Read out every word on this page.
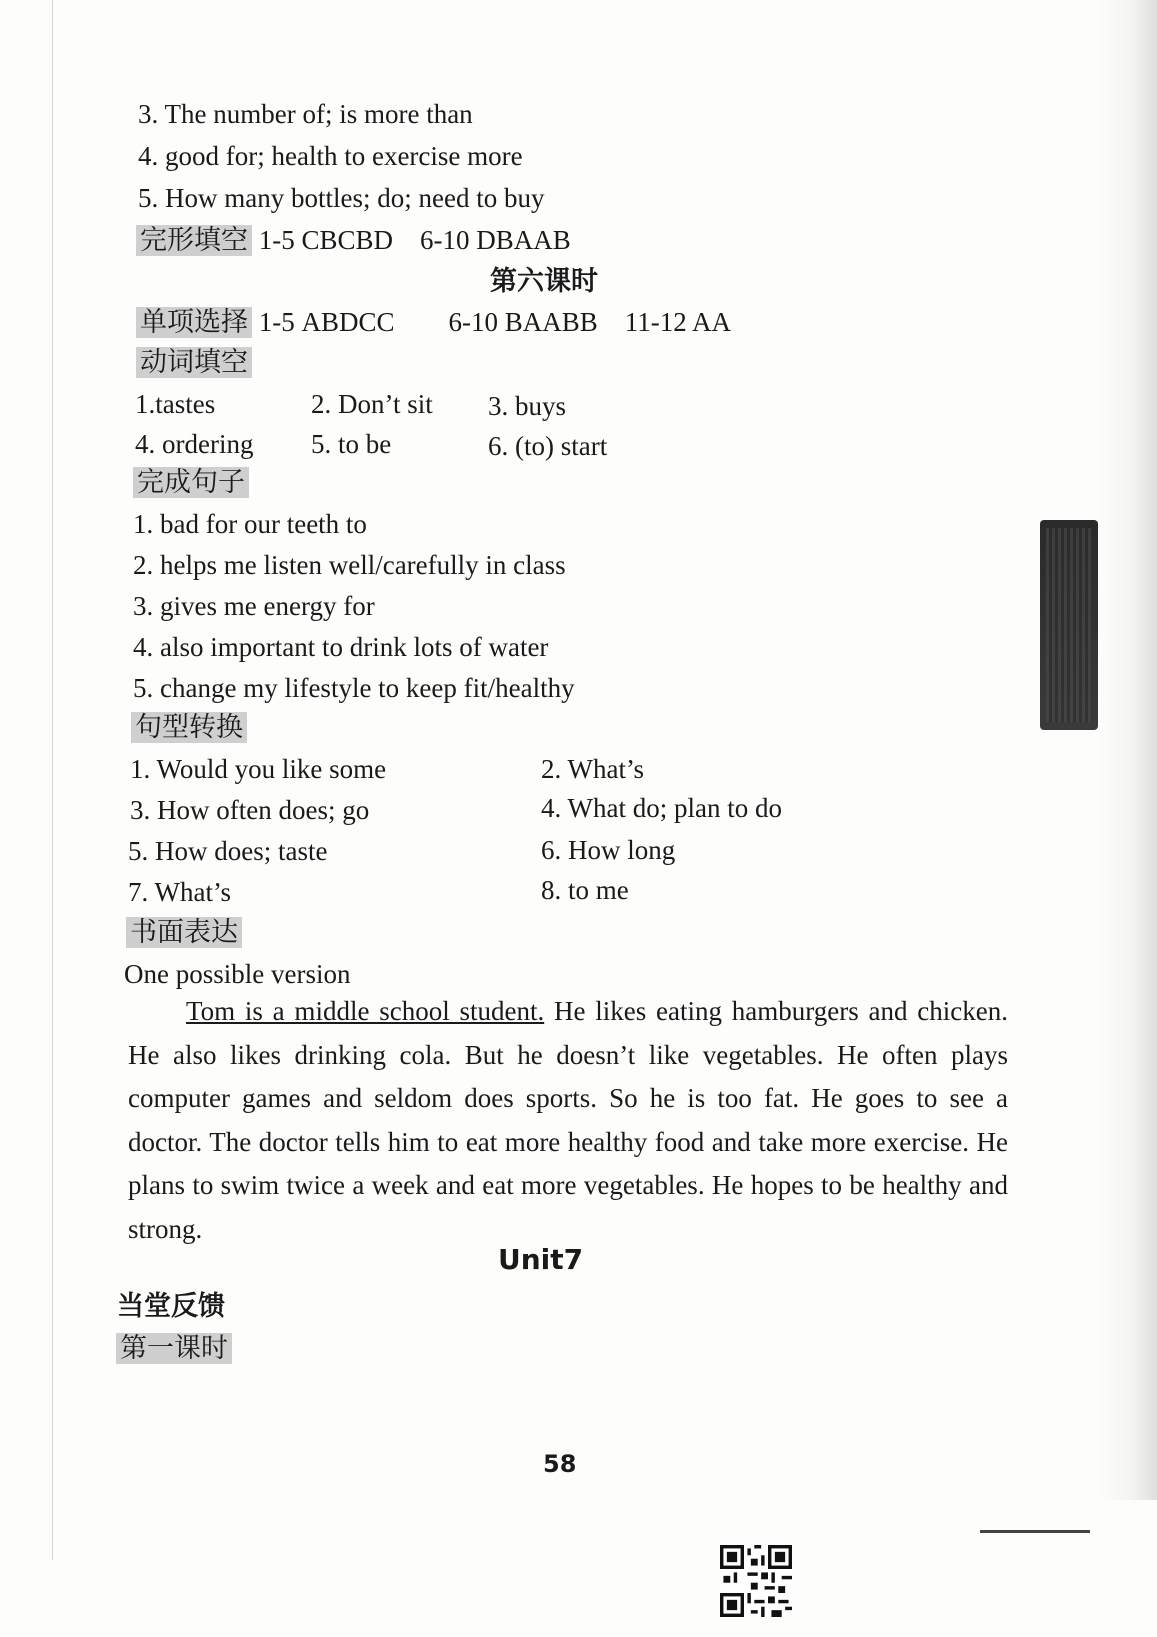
3. The number of; is more than
4. good for; health to exercise more
5. How many bottles; do; need to buy
完形填空 1-5 CBCBD    6-10 DBAAB
第六课时
单项选择 1-5 ABDCC        6-10 BAABB    11-12 AA
动词填空
1.tastes	2. Don’t sit 3. buys
4. ordering 5. to be	6. (to) start
完成句子
1. bad for our teeth to
2. helps me listen well/carefully in class
3. gives me energy for
4. also important to drink lots of water
5. change my lifestyle to keep fit/healthy
句型转换
1. Would you like some	2. What’s
3. How often does; go	4. What do; plan to do
5. How does; taste	6. How long
7. What’s	8. to me
书面表达
One possible version
Tom is a middle school student. He likes eating hamburgers and chicken. He also likes drinking cola. But he doesn’t like vegetables. He often plays computer games and seldom does sports. So he is too fat. He goes to see a doctor. The doctor tells him to eat more healthy food and take more exercise. He plans to swim twice a week and eat more vegetables. He hopes to be healthy and strong.
Unit7
当堂反馈
第一课时
58
